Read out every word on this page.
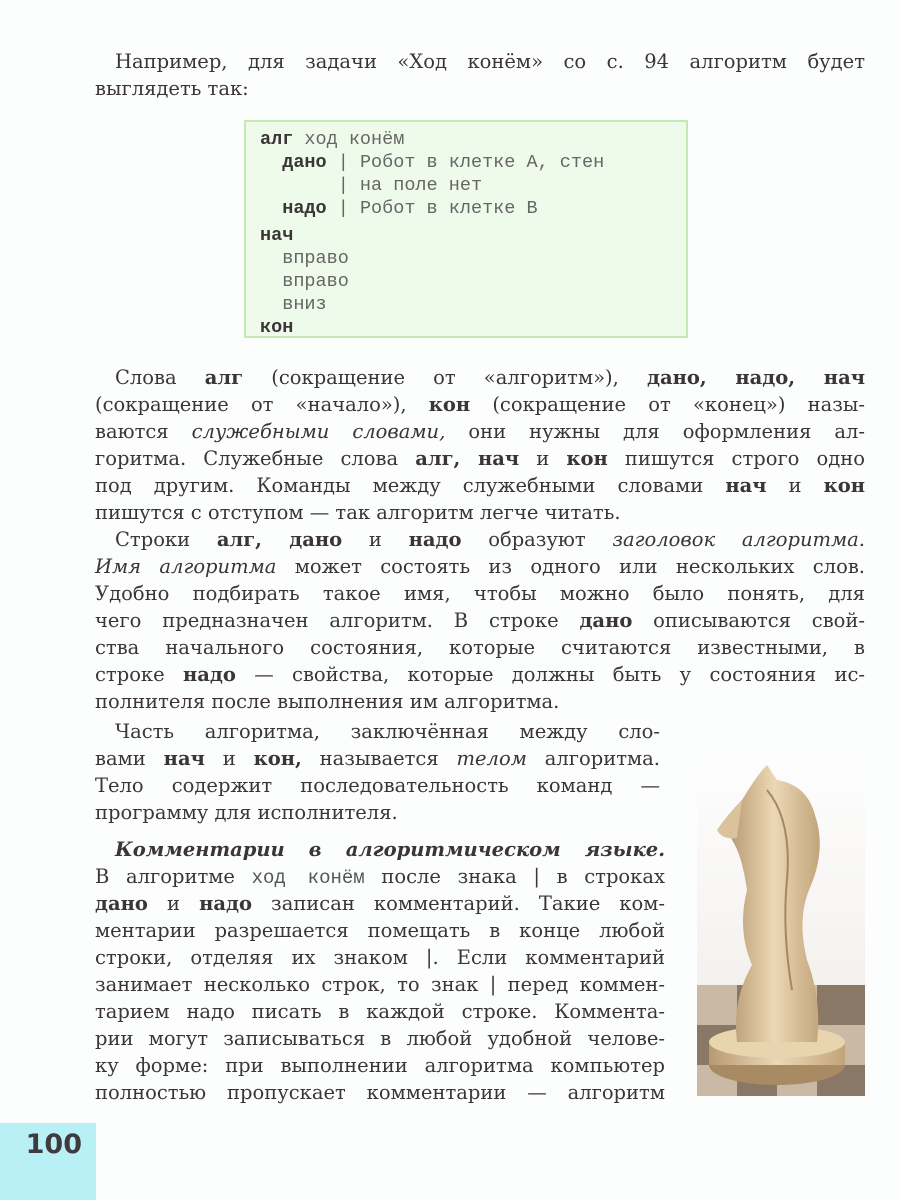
Например, для задачи «Ход конём» со с. 94 алгоритм будет
выглядеть так:
алг ход конём
дано | Робот в клетке А, стен
| на поле нет
надо | Робот в клетке В
нач
вправо
вправо
вниз
кон
Слова алг (сокращение от «алгоритм»), дано, надо, нач
(сокращение от «начало»), кон (сокращение от «конец») назы-
ваются служебными словами, они нужны для оформления ал-
горитма. Служебные слова алг, нач и кон пишутся строго одно
под другим. Команды между служебными словами нач и кон
пишутся с отступом — так алгоритм легче читать.
Строки алг, дано и надо образуют заголовок алгоритма.
Имя алгоритма может состоять из одного или нескольких слов.
Удобно подбирать такое имя, чтобы можно было понять, для
чего предназначен алгоритм. В строке дано описываются свой-
ства начального состояния, которые считаются известными, в
строке надо — свойства, которые должны быть у состояния ис-
полнителя после выполнения им алгоритма.
Часть алгоритма, заключённая между сло-
вами нач и кон, называется телом алгоритма.
Тело содержит последовательность команд —
программу для исполнителя.
Комментарии в алгоритмическом языке.
В алгоритме ход конём после знака | в строках
дано и надо записан комментарий. Такие ком-
ментарии разрешается помещать в конце любой
строки, отделяя их знаком |. Если комментарий
занимает несколько строк, то знак | перед коммен-
тарием надо писать в каждой строке. Коммента-
рии могут записываться в любой удобной челове-
ку форме: при выполнении алгоритма компьютер
полностью пропускает комментарии — алгоритм
100
